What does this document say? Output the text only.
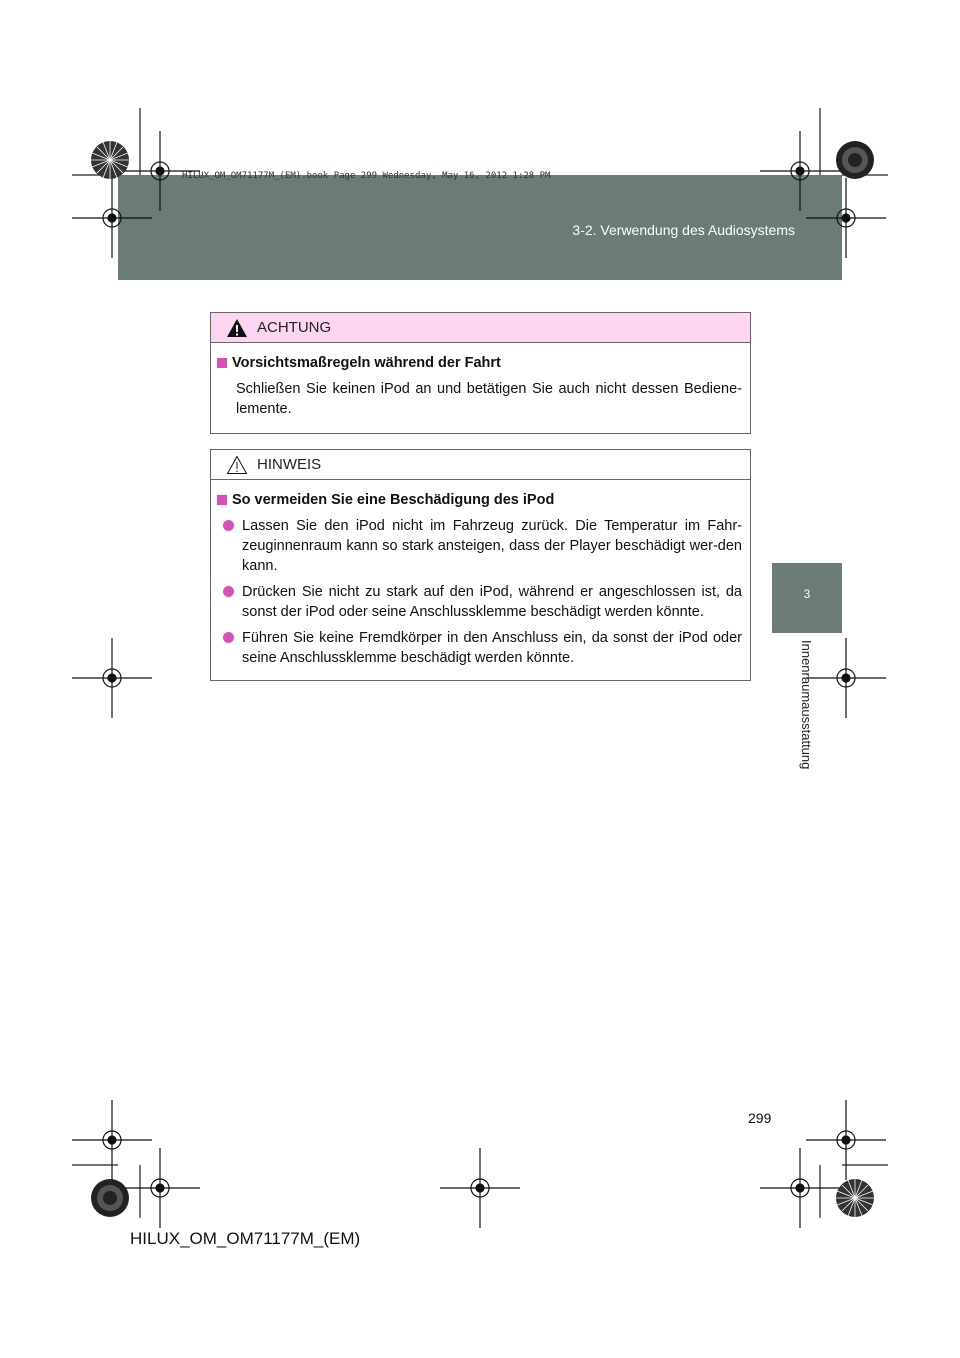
HILUX_OM_OM71177M_(EM).book Page 299 Wednesday, May 16, 2012 1:28 PM
3-2. Verwendung des Audiosystems
3
Innenraumausstattung
ACHTUNG
Vorsichtsmaßregeln während der Fahrt
Schließen Sie keinen iPod an und betätigen Sie auch nicht dessen Bediene-lemente.
HINWEIS
So vermeiden Sie eine Beschädigung des iPod
Lassen Sie den iPod nicht im Fahrzeug zurück. Die Temperatur im Fahr-zeuginnenraum kann so stark ansteigen, dass der Player beschädigt wer-den kann.
Drücken Sie nicht zu stark auf den iPod, während er angeschlossen ist, da sonst der iPod oder seine Anschlussklemme beschädigt werden könnte.
Führen Sie keine Fremdkörper in den Anschluss ein, da sonst der iPod oder seine Anschlussklemme beschädigt werden könnte.
299
HILUX_OM_OM71177M_(EM)
